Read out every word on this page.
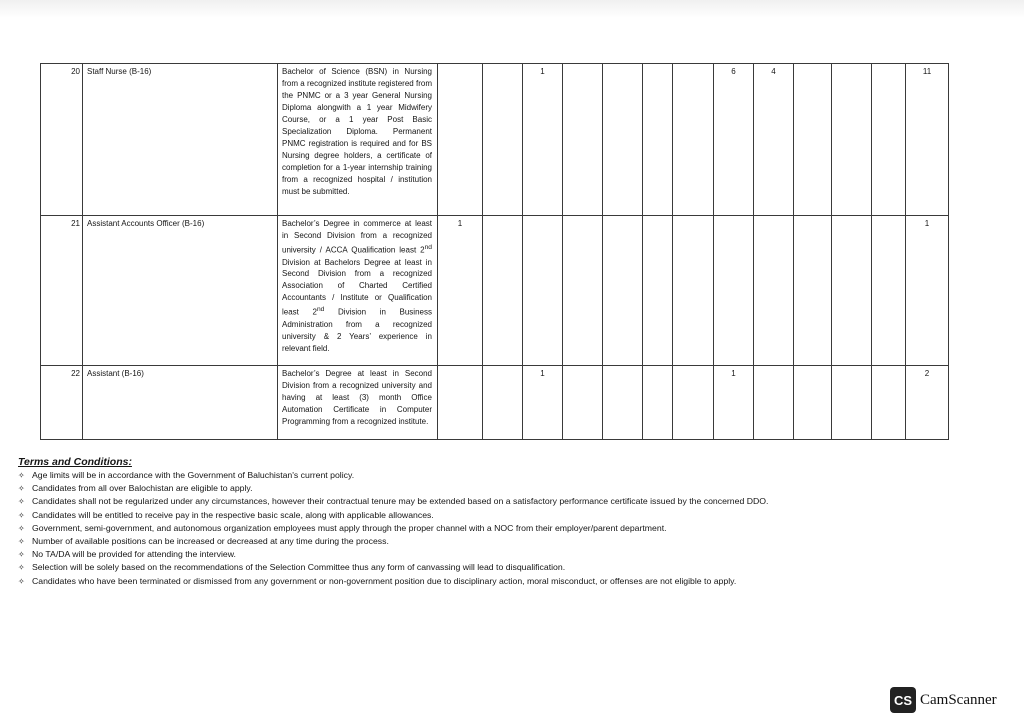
20	Staff Nurse (B-16)	Bachelor of Science (BSN) in Nursing from a recognized institute registered from the PNMC or a 3 year General Nursing Diploma alongwith a 1 year Midwifery Course, or a 1 year Post Basic Specialization Diploma. Permanent PNMC registration is required and for BS Nursing degree holders, a certificate of completion for a 1-year internship training from a recognized hospital / institution must be submitted.			1					6	4				11
21	Assistant Accounts Officer (B-16)	Bachelor’s Degree in commerce at least in Second Division from a recognized university / ACCA Qualification least 2nd Division at Bachelors Degree at least in Second Division from a recognized Association of Charted Certified Accountants / Institute or Qualification least 2nd Division in Business Administration from a recognized university & 2 Years’ experience in relevant field.	1												1
22	Assistant (B-16)	Bachelor’s Degree at least in Second Division from a recognized university and having at least (3) month Office Automation Certificate in Computer Programming from a recognized institute.			1					1					2
Terms and Conditions:
✧ Age limits will be in accordance with the Government of Baluchistan's current policy.
✧ Candidates from all over Balochistan are eligible to apply.
✧ Candidates shall not be regularized under any circumstances, however their contractual tenure may be extended based on a satisfactory performance certificate issued by the concerned DDO.
✧ Candidates will be entitled to receive pay in the respective basic scale, along with applicable allowances.
✧ Government, semi-government, and autonomous organization employees must apply through the proper channel with a NOC from their employer/parent department.
✧ Number of available positions can be increased or decreased at any time during the process.
✧ No TA/DA will be provided for attending the interview.
✧ Selection will be solely based on the recommendations of the Selection Committee thus any form of canvassing will lead to disqualification.
✧ Candidates who have been terminated or dismissed from any government or non-government position due to disciplinary action, moral misconduct, or offenses are not eligible to apply.
CS CamScanner
